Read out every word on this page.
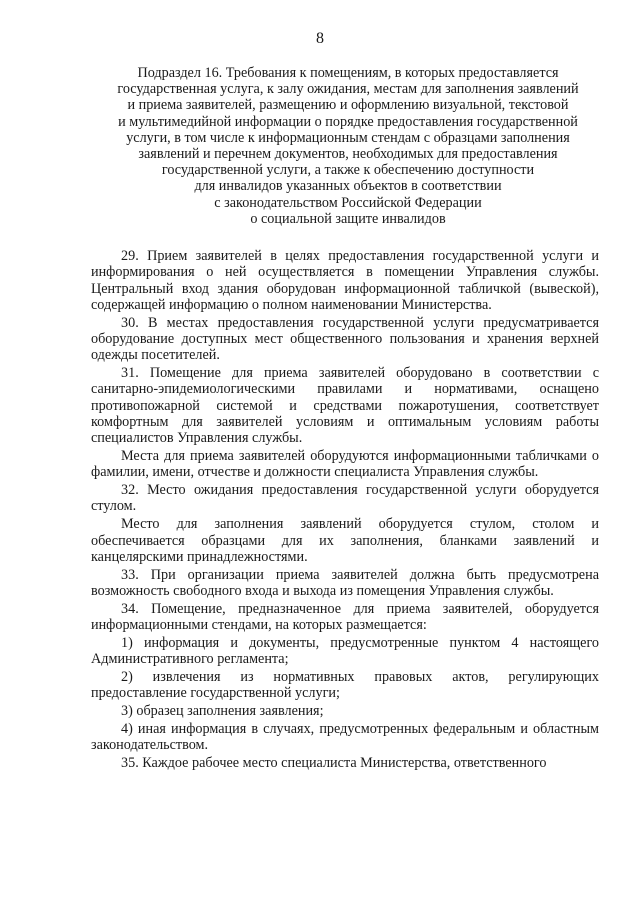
8
Подраздел 16. Требования к помещениям, в которых предоставляется
государственная услуга, к залу ожидания, местам для заполнения заявлений
и приема заявителей, размещению и оформлению визуальной, текстовой
и мультимедийной информации о порядке предоставления государственной
услуги, в том числе к информационным стендам с образцами заполнения
заявлений и перечнем документов, необходимых для предоставления
государственной услуги, а также к обеспечению доступности
для инвалидов указанных объектов в соответствии
с законодательством Российской Федерации
о социальной защите инвалидов

29. Прием заявителей в целях предоставления государственной услуги и информирования о ней осуществляется в помещении Управления службы. Центральный вход здания оборудован информационной табличкой (вывеской), содержащей информацию о полном наименовании Министерства.

30. В местах предоставления государственной услуги предусматривается оборудование доступных мест общественного пользования и хранения верхней одежды посетителей.

31. Помещение для приема заявителей оборудовано в соответствии с санитарно-эпидемиологическими правилами и нормативами, оснащено противопожарной системой и средствами пожаротушения, соответствует комфортным для заявителей условиям и оптимальным условиям работы специалистов Управления службы.

Места для приема заявителей оборудуются информационными табличками о фамилии, имени, отчестве и должности специалиста Управления службы.

32. Место ожидания предоставления государственной услуги оборудуется стулом.

Место для заполнения заявлений оборудуется стулом, столом и обеспечивается образцами для их заполнения, бланками заявлений и канцелярскими принадлежностями.

33. При организации приема заявителей должна быть предусмотрена возможность свободного входа и выхода из помещения Управления службы.

34. Помещение, предназначенное для приема заявителей, оборудуется информационными стендами, на которых размещается:

1) информация и документы, предусмотренные пунктом 4 настоящего Административного регламента;

2) извлечения из нормативных правовых актов, регулирующих предоставление государственной услуги;

3) образец заполнения заявления;

4) иная информация в случаях, предусмотренных федеральным и областным законодательством.

35. Каждое рабочее место специалиста Министерства, ответственного
